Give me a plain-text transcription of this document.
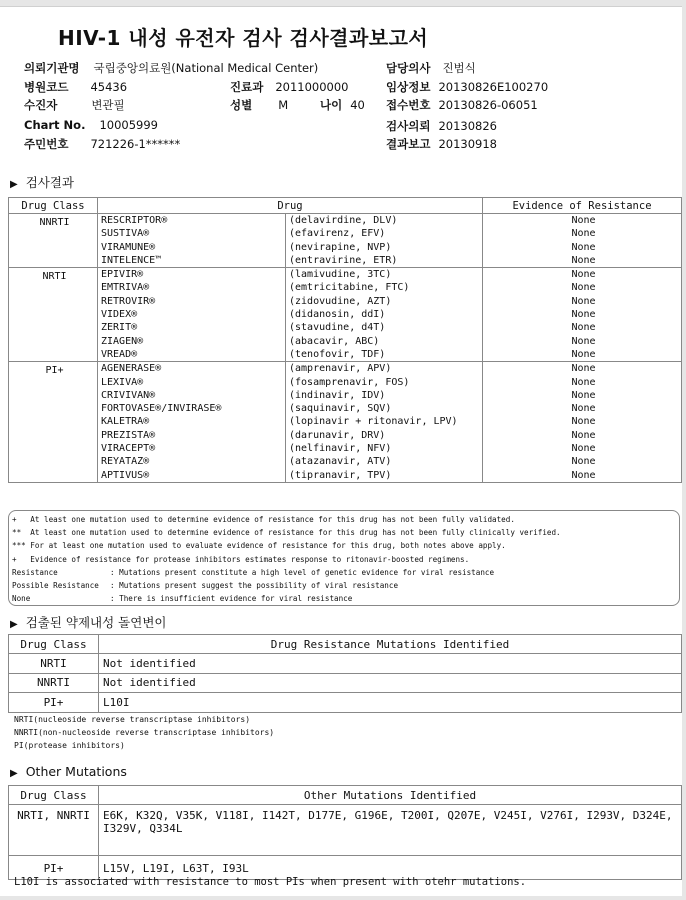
HIV-1 내성 유전자 검사 검사결과보고서
의뢰기관명 국립중앙의료원(National Medical Center)	담당의사 진범식
병원코드 45436	진료과 2011000000	임상정보 20130826E100270
수진자	변관필	성별 M	나이 40 접수번호 20130826-06051
Chart No. 10005999	검사의뢰 20130826
주민번호 721226-1******	결과보고 20130918
▶ 검사결과
Drug Class	Drug		Evidence of Resistance
NNRTI	RESCRIPTOR®	(delavirdine, DLV)	None
	SUSTIVA®	(efavirenz, EFV)	None
	VIRAMUNE®	(nevirapine, NVP)	None
	INTELENCE™	(entravirine, ETR)	None
NRTI	EPIVIR®	(lamivudine, 3TC)	None
	EMTRIVA®	(emtricitabine, FTC)	None
	RETROVIR®	(zidovudine, AZT)	None
	VIDEX®	(didanosin, ddI)	None
	ZERIT®	(stavudine, d4T)	None
	ZIAGEN®	(abacavir, ABC)	None
	VREAD®	(tenofovir, TDF)	None
PI+	AGENERASE®	(amprenavir, APV)	None
	LEXIVA®	(fosamprenavir, FOS)	None
	CRIVIVAN®	(indinavir, IDV)	None
	FORTOVASE®/INVIRASE®	(saquinavir, SQV)	None
	KALETRA®	(lopinavir + ritonavir, LPV)	None
	PREZISTA®	(darunavir, DRV)	None
	VIRACEPT®	(nelfinavir, NFV)	None
	REYATAZ®	(atazanavir, ATV)	None
	APTIVUS®	(tipranavir, TPV)	None
+   At least one mutation used to determine evidence of resistance for this drug has not been fully validated.
**  At least one mutation used to determine evidence of resistance for this drug has not been fully clinically verified.
*** For at least one mutation used to evaluate evidence of resistance for this drug, both notes above apply.
+   Evidence of resistance for protease inhibitors estimates response to ritonavir-boosted regimens.
Resistance	: Mutations present constitute a high level of genetic evidence for viral resistance
Possible Resistance	: Mutations present suggest the possibility of viral resistance
None	: There is insufficient evidence for viral resistance
▶ 검출된 약제내성 돌연변이
Drug Class	Drug Resistance Mutations Identified
NRTI	Not identified
NNRTI	Not identified
PI+	L10I
NRTI(nucleoside reverse transcriptase inhibitors)
NNRTI(non-nucleoside reverse transcriptase inhibitors)
PI(protease inhibitors)
▶ Other Mutations
Drug Class	Other Mutations Identified
NRTI, NNRTI	E6K, K32Q, V35K, V118I, I142T, D177E, G196E, T200I, Q207E, V245I, V276I, I293V, D324E, I329V, Q334L
PI+	L15V, L19I, L63T, I93L
L10I is associated with resistance to most PIs when present with otehr mutations.
